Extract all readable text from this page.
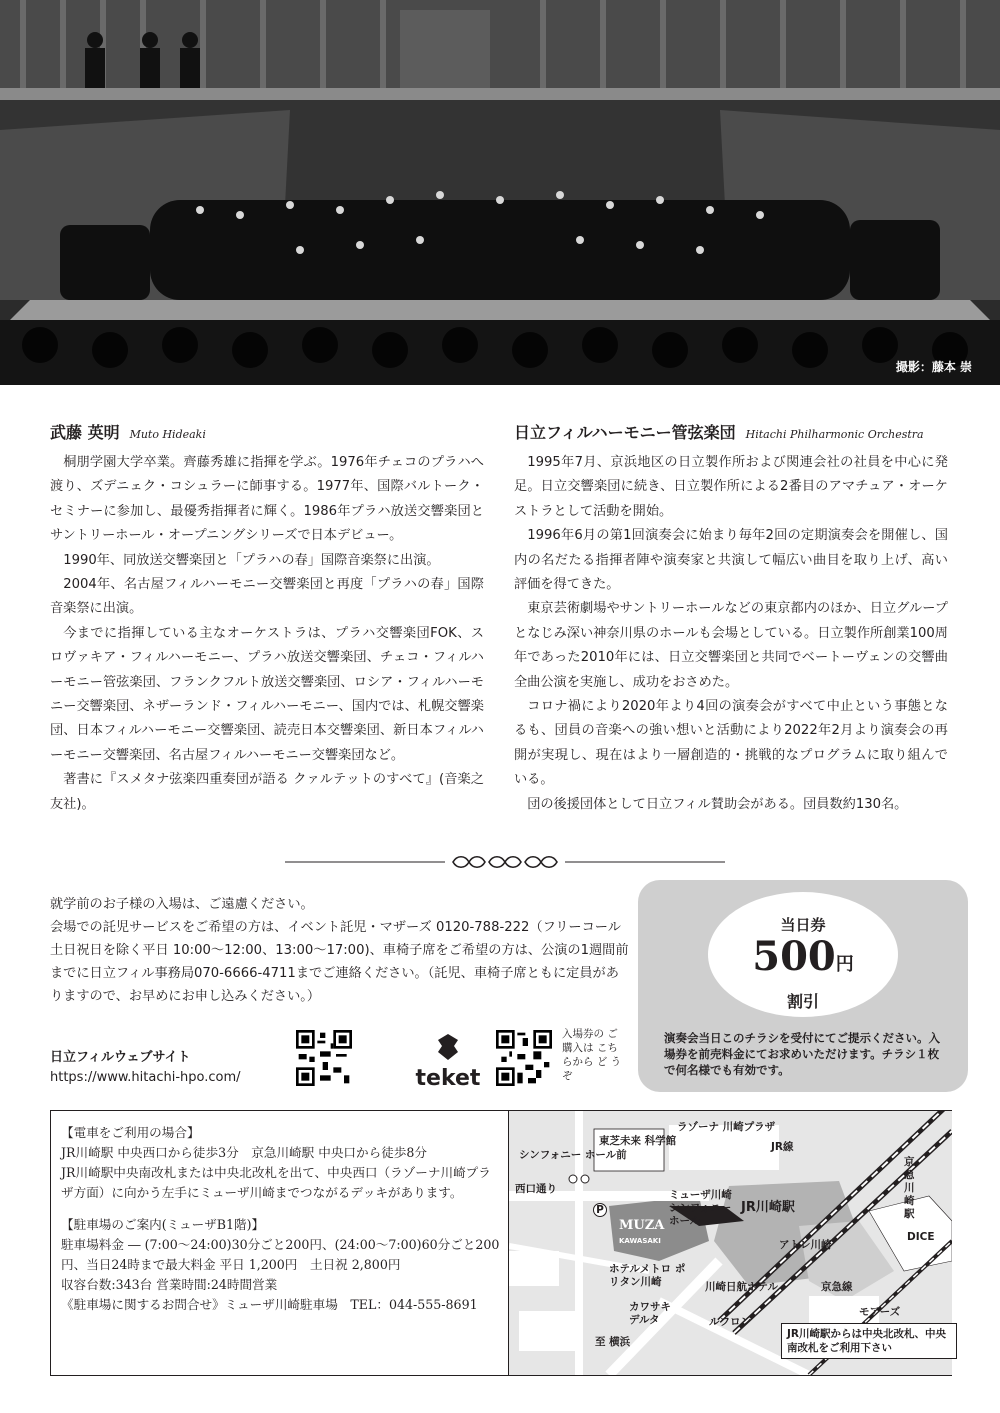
撮影：藤本 崇
武藤 英明 Muto Hideaki

桐朋学園大学卒業。齊藤秀雄に指揮を学ぶ。1976年チェコのプラハへ渡り、ズデニェク・コシュラーに師事する。1977年、国際バルトーク・セミナーに参加し、最優秀指揮者に輝く。1986年プラハ放送交響楽団とサントリーホール・オープニングシリーズで日本デビュー。

1990年、同放送交響楽団と「プラハの春」国際音楽祭に出演。

2004年、名古屋フィルハーモニー交響楽団と再度「プラハの春」国際音楽祭に出演。

今までに指揮している主なオーケストラは、プラハ交響楽団FOK、スロヴァキア・フィルハーモニー、プラハ放送交響楽団、チェコ・フィルハーモニー管弦楽団、フランクフルト放送交響楽団、ロシア・フィルハーモニー交響楽団、ネザーランド・フィルハーモニー、国内では、札幌交響楽団、日本フィルハーモニー交響楽団、読売日本交響楽団、新日本フィルハーモニー交響楽団、名古屋フィルハーモニー交響楽団など。

著書に『スメタナ弦楽四重奏団が語る クァルテットのすべて』(音楽之友社)。

日立フィルハーモニー管弦楽団 Hitachi Philharmonic Orchestra

1995年7月、京浜地区の日立製作所および関連会社の社員を中心に発足。日立交響楽団に続き、日立製作所による2番目のアマチュア・オーケストラとして活動を開始。

1996年6月の第1回演奏会に始まり毎年2回の定期演奏会を開催し、国内の名だたる指揮者陣や演奏家と共演して幅広い曲目を取り上げ、高い評価を得てきた。

東京芸術劇場やサントリーホールなどの東京都内のほか、日立グループとなじみ深い神奈川県のホールも会場としている。日立製作所創業100周年であった2010年には、日立交響楽団と共同でベートーヴェンの交響曲全曲公演を実施し、成功をおさめた。

コロナ禍により2020年より4回の演奏会がすべて中止という事態となるも、団員の音楽への強い想いと活動により2022年2月より演奏会の再開が実現し、現在はより一層創造的・挑戦的なプログラムに取り組んでいる。

団の後援団体として日立フィル賛助会がある。団員数約130名。

就学前のお子様の入場は、ご遠慮ください。

会場での託児サービスをご希望の方は、イベント託児・マザーズ 0120-788-222（フリーコール 土日祝日を除く平日 10:00～12:00、13:00～17:00)、車椅子席をご希望の方は、公演の1週間前までに日立フィル事務局070-6666-4711までご連絡ください。（託児、車椅子席ともに定員がありますので、お早めにお申し込みください。）

日立フィルウェブサイト
https://www.hitachi-hpo.com/	teket
入場券の ご購入は こちらから ど う ぞ
当日券
500円
割引
演奏会当日このチラシを受付にてご提示ください。入場券を前売料金にてお求めいただけます。チラシ１枚で何名様でも有効です。

【電車をご利用の場合】

JR川崎駅 中央西口から徒歩3分　京急川崎駅 中央口から徒歩8分

JR川崎駅中央南改札または中央北改札を出て、中央西口（ラゾーナ川崎プラザ方面）に向かう左手にミューザ川崎までつながるデッキがあります。

【駐車場のご案内(ミューザB1階)】

駐車場料金 ― (7:00～24:00)30分ごと200円、(24:00～7:00)60分ごと200円、当日24時まで最大料金 平日 1,200円　土日祝 2,800円

収容台数:343台 営業時間:24時間営業

《駐車場に関するお問合せ》ミューザ川崎駐車場　TEL：044-555-8691

シンフォニー ホール前
西口通り
東芝未来 科学館
ラゾーナ 川崎プラザ
JR線
ミューザ川崎 シンフォニー ホール
MUZA
KAWASAKI
P	JR川崎駅
京急川崎駅
アトレ川崎
DICE
京急線
モアーズ
ホテルメトロ ポリタン川崎	川崎日航ホテル
カワサキ デルタ	ルフロン
至 横浜
JR川崎駅からは中央北改札、中央南改札をご利用下さい
